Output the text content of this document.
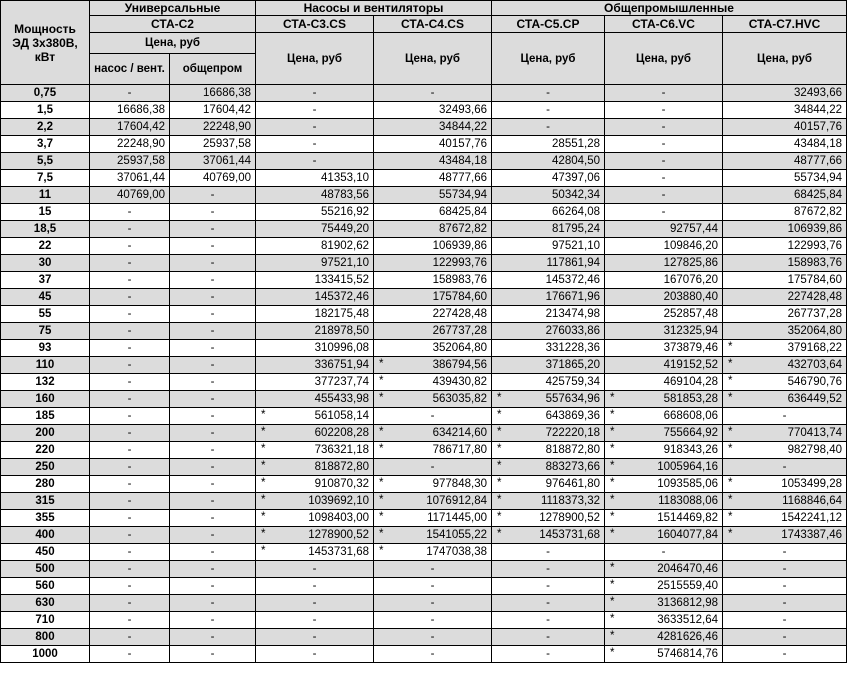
Мощность ЭД 3х380В, кВт	Универсальные		Насосы и вентиляторы		Общепромышленные		
	СТА-С2		СТА-С3.CS	СТА-С4.CS	СТА-С5.CP	СТА-С6.VC	СТА-С7.HVC
	Цена, руб		Цена, руб	Цена, руб	Цена, руб	Цена, руб	Цена, руб
	насос / вент.	общепром					
0,75	-	16686,38	-	-	-	-	32493,66
1,5	16686,38	17604,42	-	32493,66	-	-	34844,22
2,2	17604,42	22248,90	-	34844,22	-	-	40157,76
3,7	22248,90	25937,58	-	40157,76	28551,28	-	43484,18
5,5	25937,58	37061,44	-	43484,18	42804,50	-	48777,66
7,5	37061,44	40769,00	41353,10	48777,66	47397,06	-	55734,94
11	40769,00	-	48783,56	55734,94	50342,34	-	68425,84
15	-	-	55216,92	68425,84	66264,08	-	87672,82
18,5	-	-	75449,20	87672,82	81795,24	92757,44	106939,86
22	-	-	81902,62	106939,86	97521,10	109846,20	122993,76
30	-	-	97521,10	122993,76	117861,94	127825,86	158983,76
37	-	-	133415,52	158983,76	145372,46	167076,20	175784,60
45	-	-	145372,46	175784,60	176671,96	203880,40	227428,48
55	-	-	182175,48	227428,48	213474,98	252857,48	267737,28
75	-	-	218978,50	267737,28	276033,86	312325,94	352064,80
93	-	-	310996,08	352064,80	331228,36	373879,46	* 379168,22
110	-	-	336751,94	* 386794,56	371865,20	419152,52	* 432703,64
132	-	-	377237,74	* 439430,82	425759,34	469104,28	* 546790,76
160	-	-	455433,98	* 563035,82	* 557634,96	* 581853,28	* 636449,52
185	-	-	* 561058,14	-	* 643869,36	* 668608,06	-
200	-	-	* 602208,28	* 634214,60	* 722220,18	* 755664,92	* 770413,74
220	-	-	* 736321,18	* 786717,80	* 818872,80	* 918343,26	* 982798,40
250	-	-	* 818872,80	-	* 883273,66	* 1005964,16	-
280	-	-	* 910870,32	* 977848,30	* 976461,80	* 1093585,06	* 1053499,28
315	-	-	* 1039692,10	* 1076912,84	* 1118373,32	* 1183088,06	* 1168846,64
355	-	-	* 1098403,00	* 1171445,00	* 1278900,52	* 1514469,82	* 1542241,12
400	-	-	* 1278900,52	* 1541055,22	* 1453731,68	* 1604077,84	* 1743387,46
450	-	-	* 1453731,68	* 1747038,38	-	-	-
500	-	-	-	-	-	* 2046470,46	-
560	-	-	-	-	-	* 2515559,40	-
630	-	-	-	-	-	* 3136812,98	-
710	-	-	-	-	-	* 3633512,64	-
800	-	-	-	-	-	* 4281626,46	-
1000	-	-	-	-	-	* 5746814,76	-
